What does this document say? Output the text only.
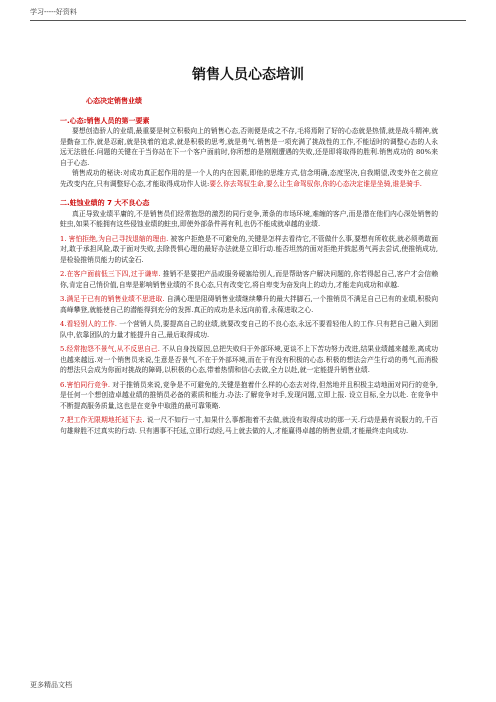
学习-----好资料
销售人员心态培训

心态决定销售业绩

一.心态:销售人员的第一要素

要想创造骄人的业绩,最重要是树立积极向上的销售心态,否则便是成之不存,毛将焉附了好的心态就是热情,就是战斗精神,就是勤奋工作,就是忍耐,就是执着的追求,就是积极的思考,就是勇气.销售是一项充满了挑战性的工作,不能适时的调整心态的人永远无法胜任.问题的关键在于当你站在下一个客户面前时,你所想的是刚刚遭遇的失败,还是即将取得的胜利.销售成功的 80%来自于心态.

销售成功的秘诀:对成功真正起作用的是一个人的内在因素,即他的思维方式,信念明确,态度坚决,自我期望,改变外在之前应先改变内在,只有调整好心态,才能取得成功作人说:要么你去驾驭生命,要么让生命驾驭你,你的心态决定谁是坐骑,谁是骑手.

二.蛀蚀业绩的 7 大不良心态

真正导致业绩平庸的,不是销售员们经常抱怨的激烈的同行竞争,萧条的市场环境,难缠的客户,而是潜在他们内心深处销售的蛀虫,如果不能拥有这些侵蚀业绩的蛀虫,即使外部条件再有利,也仍不能成就卓越的业绩.

1. 害怕拒绝,为自己寻找退缩的理由. 被客户拒绝是不可避免的,关键是怎样去看待它,不管做什么事,要想有所收获,就必须勇敢面对,敢于承担风险,敢于面对失败,去除畏惧心理的最好办法就是立即行动.能否坦然的面对拒绝并鼓起勇气再去尝试,使推销成功,是检验推销员能力的试金石.

2.在客户面前低三下四,过于谦卑. 推销不是要把产品或服务硬塞给别人,而是帮助客户解决问题的,你若得起自己,客户才会信赖你,肯定自己悄价值,自卑是影响销售业绩的不良心态,只有改变它,将自卑变为奋发向上的动力,才能走向成功和卓越.

3.满足于已有的销售业绩不思进取. 自满心理是阻碍销售业绩继续攀升的最大拌脚石,一个推销员不满足自己已有的业绩,积极向高峰攀登,就能使自己的潜能得到充分的发挥.真正的成功是永远向前看,永葆进取之心.

4.看轻别人的工作. 一个营销人员,要提高自己的业绩,就要改变自己的不良心态,永远不要看轻他人的工作.只有把自己融入到团队中,依靠团队的力量才能提升自己,最后取得成功.

5.经常抱怨不景气,从不反思自己. 不从自身找原因,总把失败归于外部环境,更谈不上下苦功努力改进,结果业绩越来越差,离成功也越来越远.对一个销售员来说,生意是否景气,不在于外部环境,而在于有没有积极的心态.积极的想法会产生行动的勇气,而消极的想法只会成为你面对挑战的障碍,以积极的心态,带着热情和信心去做,全力以赴,就一定能提升销售业绩.

6.害怕同行竞争. 对于推销员来说,竞争是不可避免的,关键是抱着什么样的心态去对待,但然地并且积极主动地面对同行的竞争,是任何一个想创造卓越业绩的推销员必备的素质和能力.办法:了解竞争对手,发现问题,立即上报. 设立目标,全力以赴. 在竞争中不断提高服务质量,这也是在竞争中取胜的最可靠策略.

7.把工作无限期地托延下去. 说一尺不如行一寸,如果什么事都拖着不去做,就没有取得成功的那一天.行动是最有说服力的,千百句雄辩胜不过真实的行动. 只有遇事不托延,立即行动经,马上就去做的人,才能赢得卓越的销售业绩,才能最终走向成功.

更多精品文档
